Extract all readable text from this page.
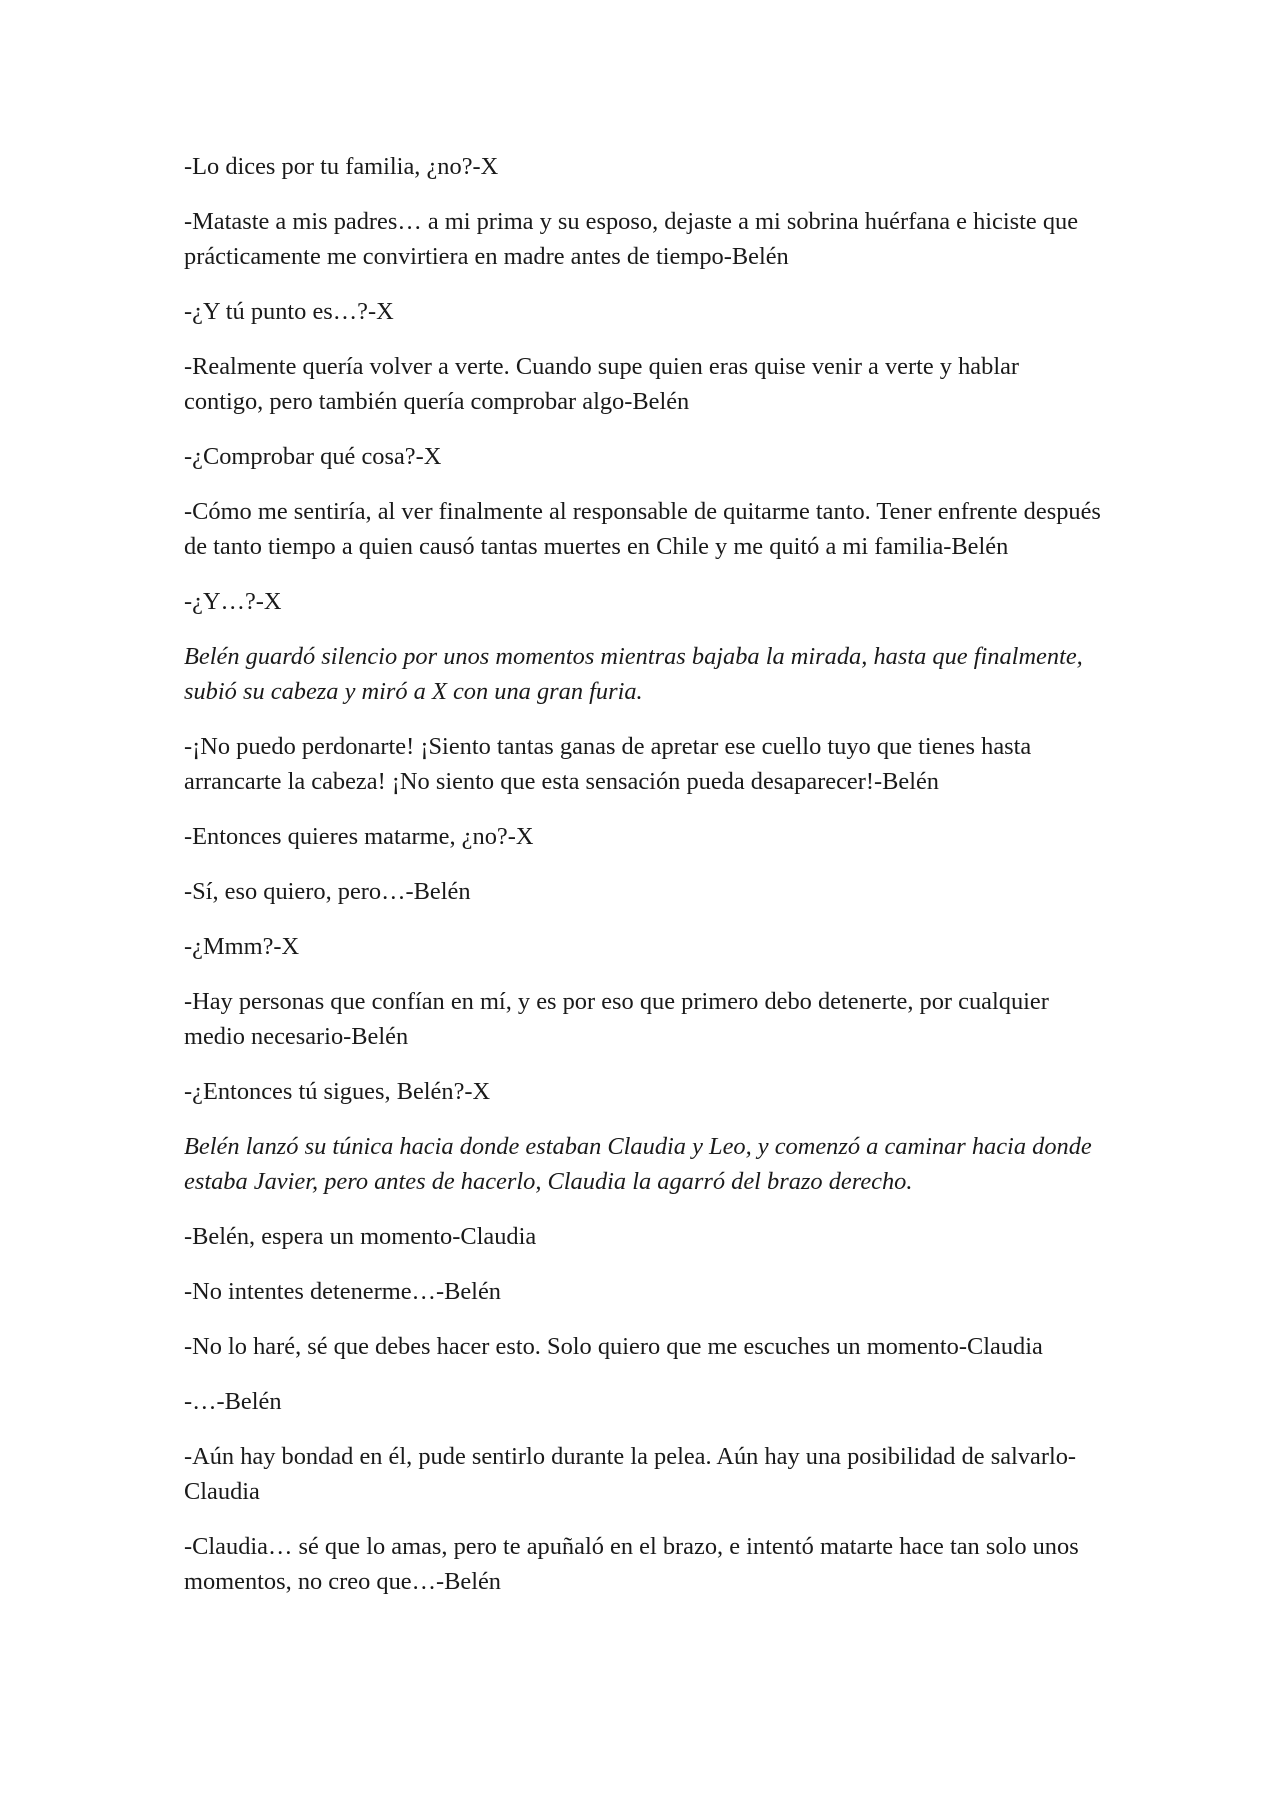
-Lo dices por tu familia, ¿no?-X

-Mataste a mis padres… a mi prima y su esposo, dejaste a mi sobrina huérfana e hiciste que prácticamente me convirtiera en madre antes de tiempo-Belén

-¿Y tú punto es…?-X

-Realmente quería volver a verte. Cuando supe quien eras quise venir a verte y hablar contigo, pero también quería comprobar algo-Belén

-¿Comprobar qué cosa?-X

-Cómo me sentiría, al ver finalmente al responsable de quitarme tanto. Tener enfrente después de tanto tiempo a quien causó tantas muertes en Chile y me quitó a mi familia-Belén

-¿Y…?-X

Belén guardó silencio por unos momentos mientras bajaba la mirada, hasta que finalmente, subió su cabeza y miró a X con una gran furia.

-¡No puedo perdonarte! ¡Siento tantas ganas de apretar ese cuello tuyo que tienes hasta arrancarte la cabeza! ¡No siento que esta sensación pueda desaparecer!-Belén

-Entonces quieres matarme, ¿no?-X

-Sí, eso quiero, pero…-Belén

-¿Mmm?-X

-Hay personas que confían en mí, y es por eso que primero debo detenerte, por cualquier medio necesario-Belén

-¿Entonces tú sigues, Belén?-X

Belén lanzó su túnica hacia donde estaban Claudia y Leo, y comenzó a caminar hacia donde estaba Javier, pero antes de hacerlo, Claudia la agarró del brazo derecho.

-Belén, espera un momento-Claudia

-No intentes detenerme…-Belén

-No lo haré, sé que debes hacer esto. Solo quiero que me escuches un momento-Claudia

-…-Belén

-Aún hay bondad en él, pude sentirlo durante la pelea. Aún hay una posibilidad de salvarlo-Claudia

-Claudia… sé que lo amas, pero te apuñaló en el brazo, e intentó matarte hace tan solo unos momentos, no creo que…-Belén
